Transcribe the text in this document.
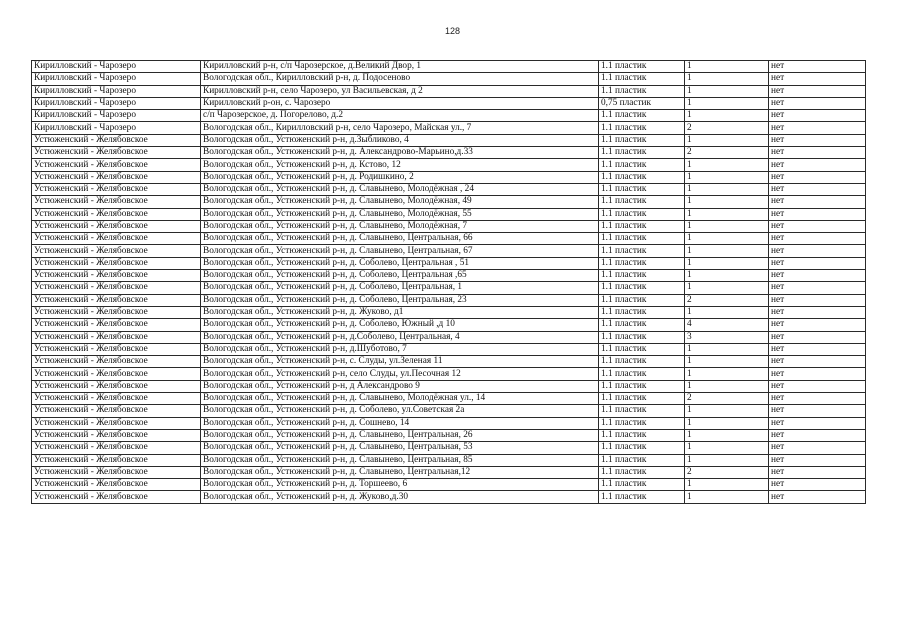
128
Кирилловский - Чарозеро	Кирилловский р-н, с/п Чарозерское, д.Великий Двор, 1	1.1 пластик	1	нет
Кирилловский - Чарозеро	Вологодская обл., Кирилловский р-н, д. Подосеново	1.1 пластик	1	нет
Кирилловский - Чарозеро	Кирилловский р-н, село Чарозеро, ул Васильевская, д 2	1.1 пластик	1	нет
Кирилловский - Чарозеро	Кирилловский р-он, с. Чарозеро	0,75 пластик	1	нет
Кирилловский - Чарозеро	с/п Чарозерское, д. Погорелово, д.2	1.1 пластик	1	нет
Кирилловский - Чарозеро	Вологодская обл., Кирилловский р-н, село Чарозеро, Майская ул., 7	1.1 пластик	2	нет
Устюженский - Желябовское	Вологодская обл., Устюженский р-н, д.Зыбликово, 4	1.1 пластик	1	нет
Устюженский - Желябовское	Вологодская обл., Устюженский р-н, д. Александрово-Марьино,д.33	1.1 пластик	2	нет
Устюженский - Желябовское	Вологодская обл., Устюженский р-н, д. Кстово, 12	1.1 пластик	1	нет
Устюженский - Желябовское	Вологодская обл., Устюженский р-н, д. Родишкино, 2	1.1 пластик	1	нет
Устюженский - Желябовское	Вологодская обл., Устюженский р-н, д. Славынево, Молодёжная , 24	1.1 пластик	1	нет
Устюженский - Желябовское	Вологодская обл., Устюженский р-н, д. Славынево, Молодёжная, 49	1.1 пластик	1	нет
Устюженский - Желябовское	Вологодская обл., Устюженский р-н, д. Славынево, Молодёжная, 55	1.1 пластик	1	нет
Устюженский - Желябовское	Вологодская обл., Устюженский р-н, д. Славынево, Молодёжная, 7	1.1 пластик	1	нет
Устюженский - Желябовское	Вологодская обл., Устюженский р-н, д. Славынево, Центральная, 66	1.1 пластик	1	нет
Устюженский - Желябовское	Вологодская обл., Устюженский р-н, д. Славынево, Центральная, 67	1.1 пластик	1	нет
Устюженский - Желябовское	Вологодская обл., Устюженский р-н, д. Соболево, Центральная , 51	1.1 пластик	1	нет
Устюженский - Желябовское	Вологодская обл., Устюженский р-н, д. Соболево, Центральная ,65	1.1 пластик	1	нет
Устюженский - Желябовское	Вологодская обл., Устюженский р-н, д. Соболево, Центральная, 1	1.1 пластик	1	нет
Устюженский - Желябовское	Вологодская обл., Устюженский р-н, д. Соболево, Центральная, 23	1.1 пластик	2	нет
Устюженский - Желябовское	Вологодская обл., Устюженский р-н, д. Жуково, д1	1.1 пластик	1	нет
Устюженский - Желябовское	Вологодская обл., Устюженский р-н, д. Соболево, Южный ,д 10	1.1 пластик	4	нет
Устюженский - Желябовское	Вологодская обл., Устюженский р-н, д.Соболево, Центральная, 4	1.1 пластик	3	нет
Устюженский - Желябовское	Вологодская обл., Устюженский р-н, д.Шуботово, 7	1.1 пластик	1	нет
Устюженский - Желябовское	Вологодская обл., Устюженский р-н, с. Слуды, ул.Зеленая 11	1.1 пластик	1	нет
Устюженский - Желябовское	Вологодская обл., Устюженский р-н, село Слуды, ул.Песочная 12	1.1 пластик	1	нет
Устюженский - Желябовское	Вологодская обл., Устюженский р-н, д Александрово 9	1.1 пластик	1	нет
Устюженский - Желябовское	Вологодская обл., Устюженский р-н, д. Славынево, Молодёжная ул., 14	1.1 пластик	2	нет
Устюженский - Желябовское	Вологодская обл., Устюженский р-н, д. Соболево, ул.Советская 2а	1.1 пластик	1	нет
Устюженский - Желябовское	Вологодская обл., Устюженский р-н, д. Сошнево, 14	1.1 пластик	1	нет
Устюженский - Желябовское	Вологодская обл., Устюженский р-н, д. Славынево, Центральная, 26	1.1 пластик	1	нет
Устюженский - Желябовское	Вологодская обл., Устюженский р-н, д. Славынево, Центральная, 53	1.1 пластик	1	нет
Устюженский - Желябовское	Вологодская обл., Устюженский р-н, д. Славынево, Центральная, 85	1.1 пластик	1	нет
Устюженский - Желябовское	Вологодская обл., Устюженский р-н, д. Славынево, Центральная,12	1.1 пластик	2	нет
Устюженский - Желябовское	Вологодская обл., Устюженский р-н, д. Торшеево, 6	1.1 пластик	1	нет
Устюженский - Желябовское	Вологодская обл., Устюженский р-н, д. Жуково,д.30	1.1 пластик	1	нет
